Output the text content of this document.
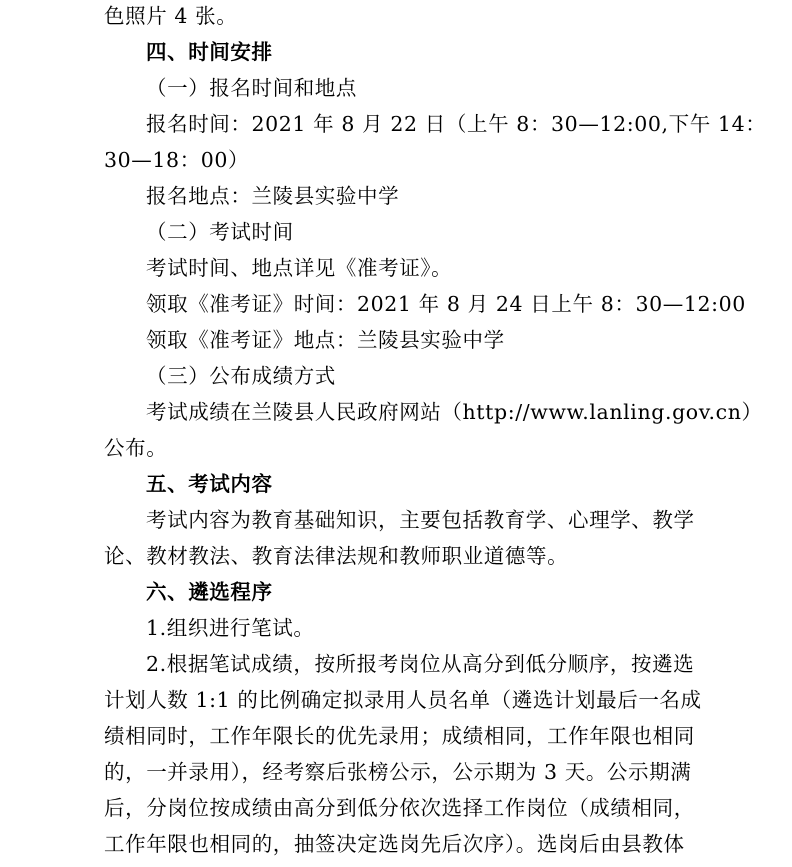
色照片 4 张。
四、时间安排
（一）报名时间和地点
报名时间：2021 年 8 月 22 日（上午 8：30—12:00,下午 14：
30—18：00）
报名地点：兰陵县实验中学
（二）考试时间
考试时间、地点详见《准考证》。
领取《准考证》时间：2021 年 8 月 24 日上午 8：30—12:00
领取《准考证》地点：兰陵县实验中学
（三）公布成绩方式
考试成绩在兰陵县人民政府网站（http://www.lanling.gov.cn）
公布。
五、考试内容
考试内容为教育基础知识，主要包括教育学、心理学、教学
论、教材教法、教育法律法规和教师职业道德等。
六、遴选程序
1.组织进行笔试。
2.根据笔试成绩，按所报考岗位从高分到低分顺序，按遴选
计划人数 1:1 的比例确定拟录用人员名单（遴选计划最后一名成
绩相同时，工作年限长的优先录用；成绩相同，工作年限也相同
的，一并录用），经考察后张榜公示，公示期为 3 天。公示期满
后，分岗位按成绩由高分到低分依次选择工作岗位（成绩相同，
工作年限也相同的，抽签决定选岗先后次序）。选岗后由县教体
